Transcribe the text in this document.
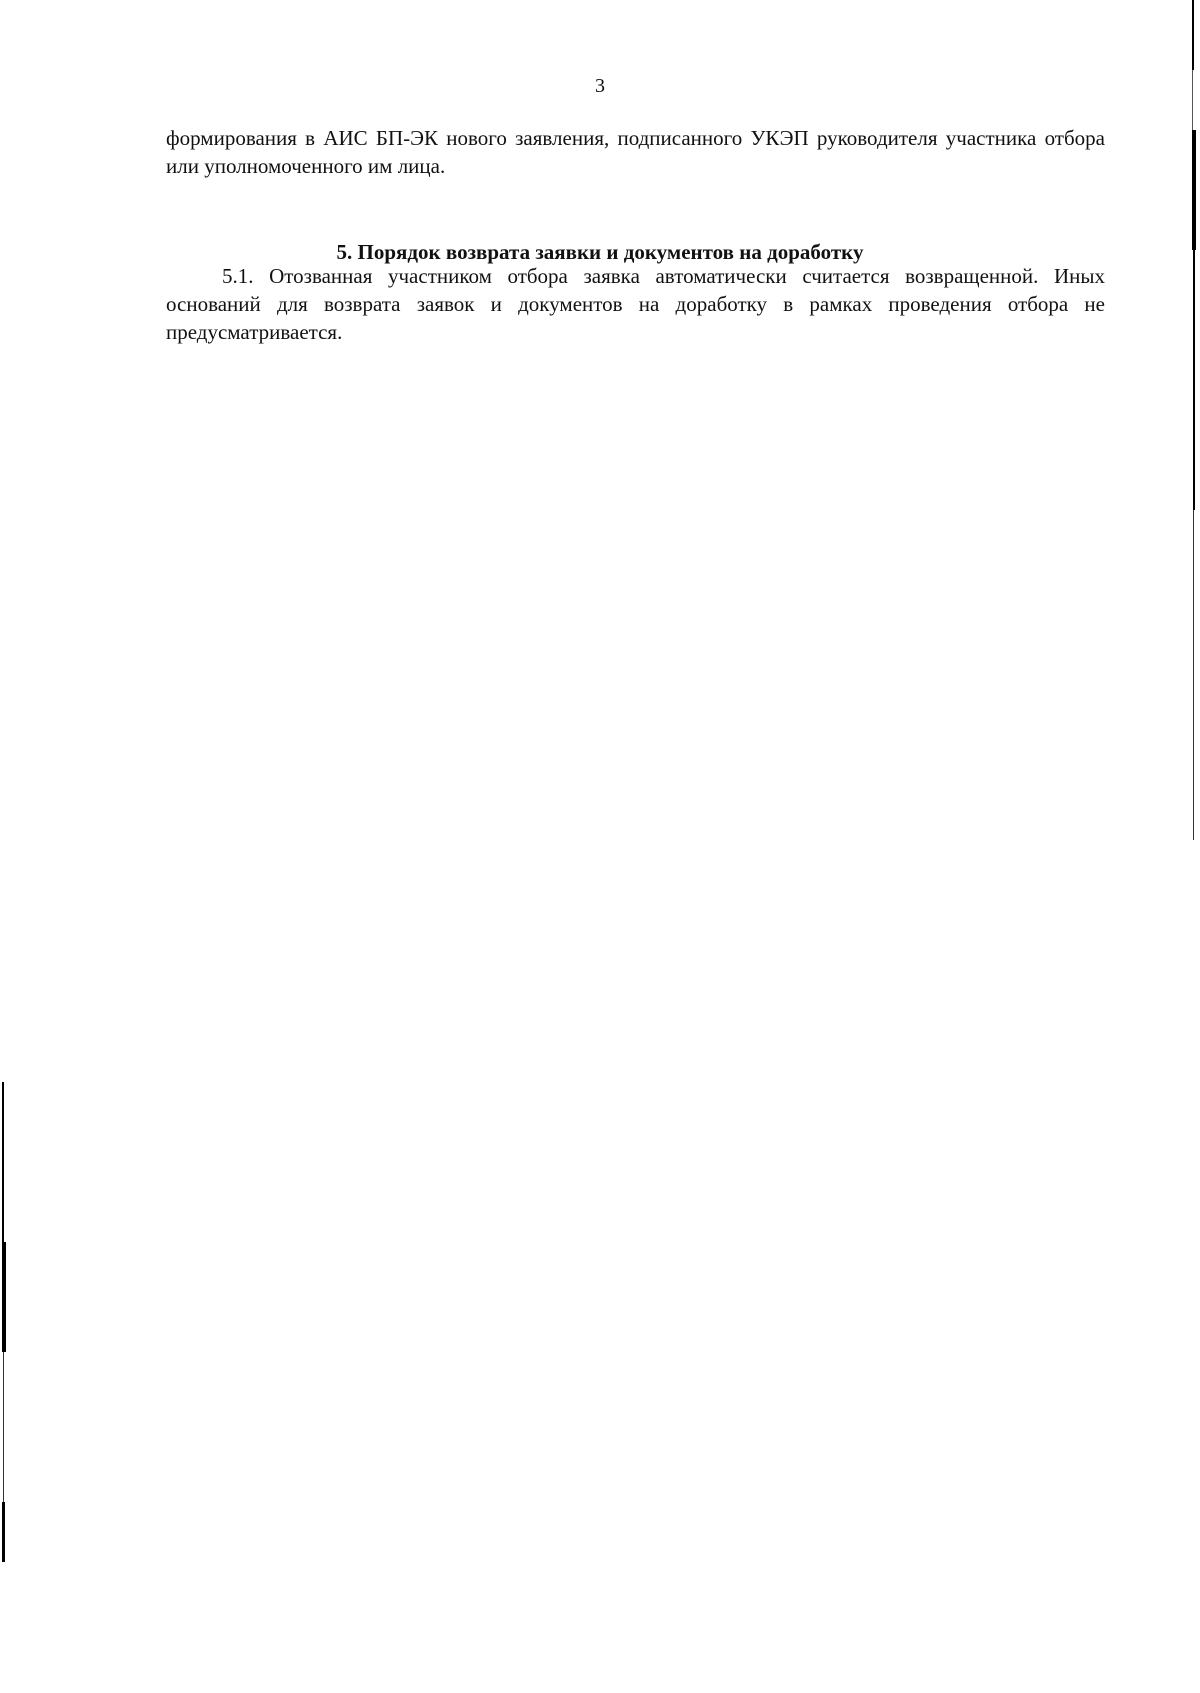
3

формирования в АИС БП-ЭК нового заявления, подписанного УКЭП руководителя участника отбора или уполномоченного им лица.

5. Порядок возврата заявки и документов на доработку

5.1. Отозванная участником отбора заявка автоматически считается возвращенной. Иных оснований для возврата заявок и документов на доработку в рамках проведения отбора не предусматривается.
